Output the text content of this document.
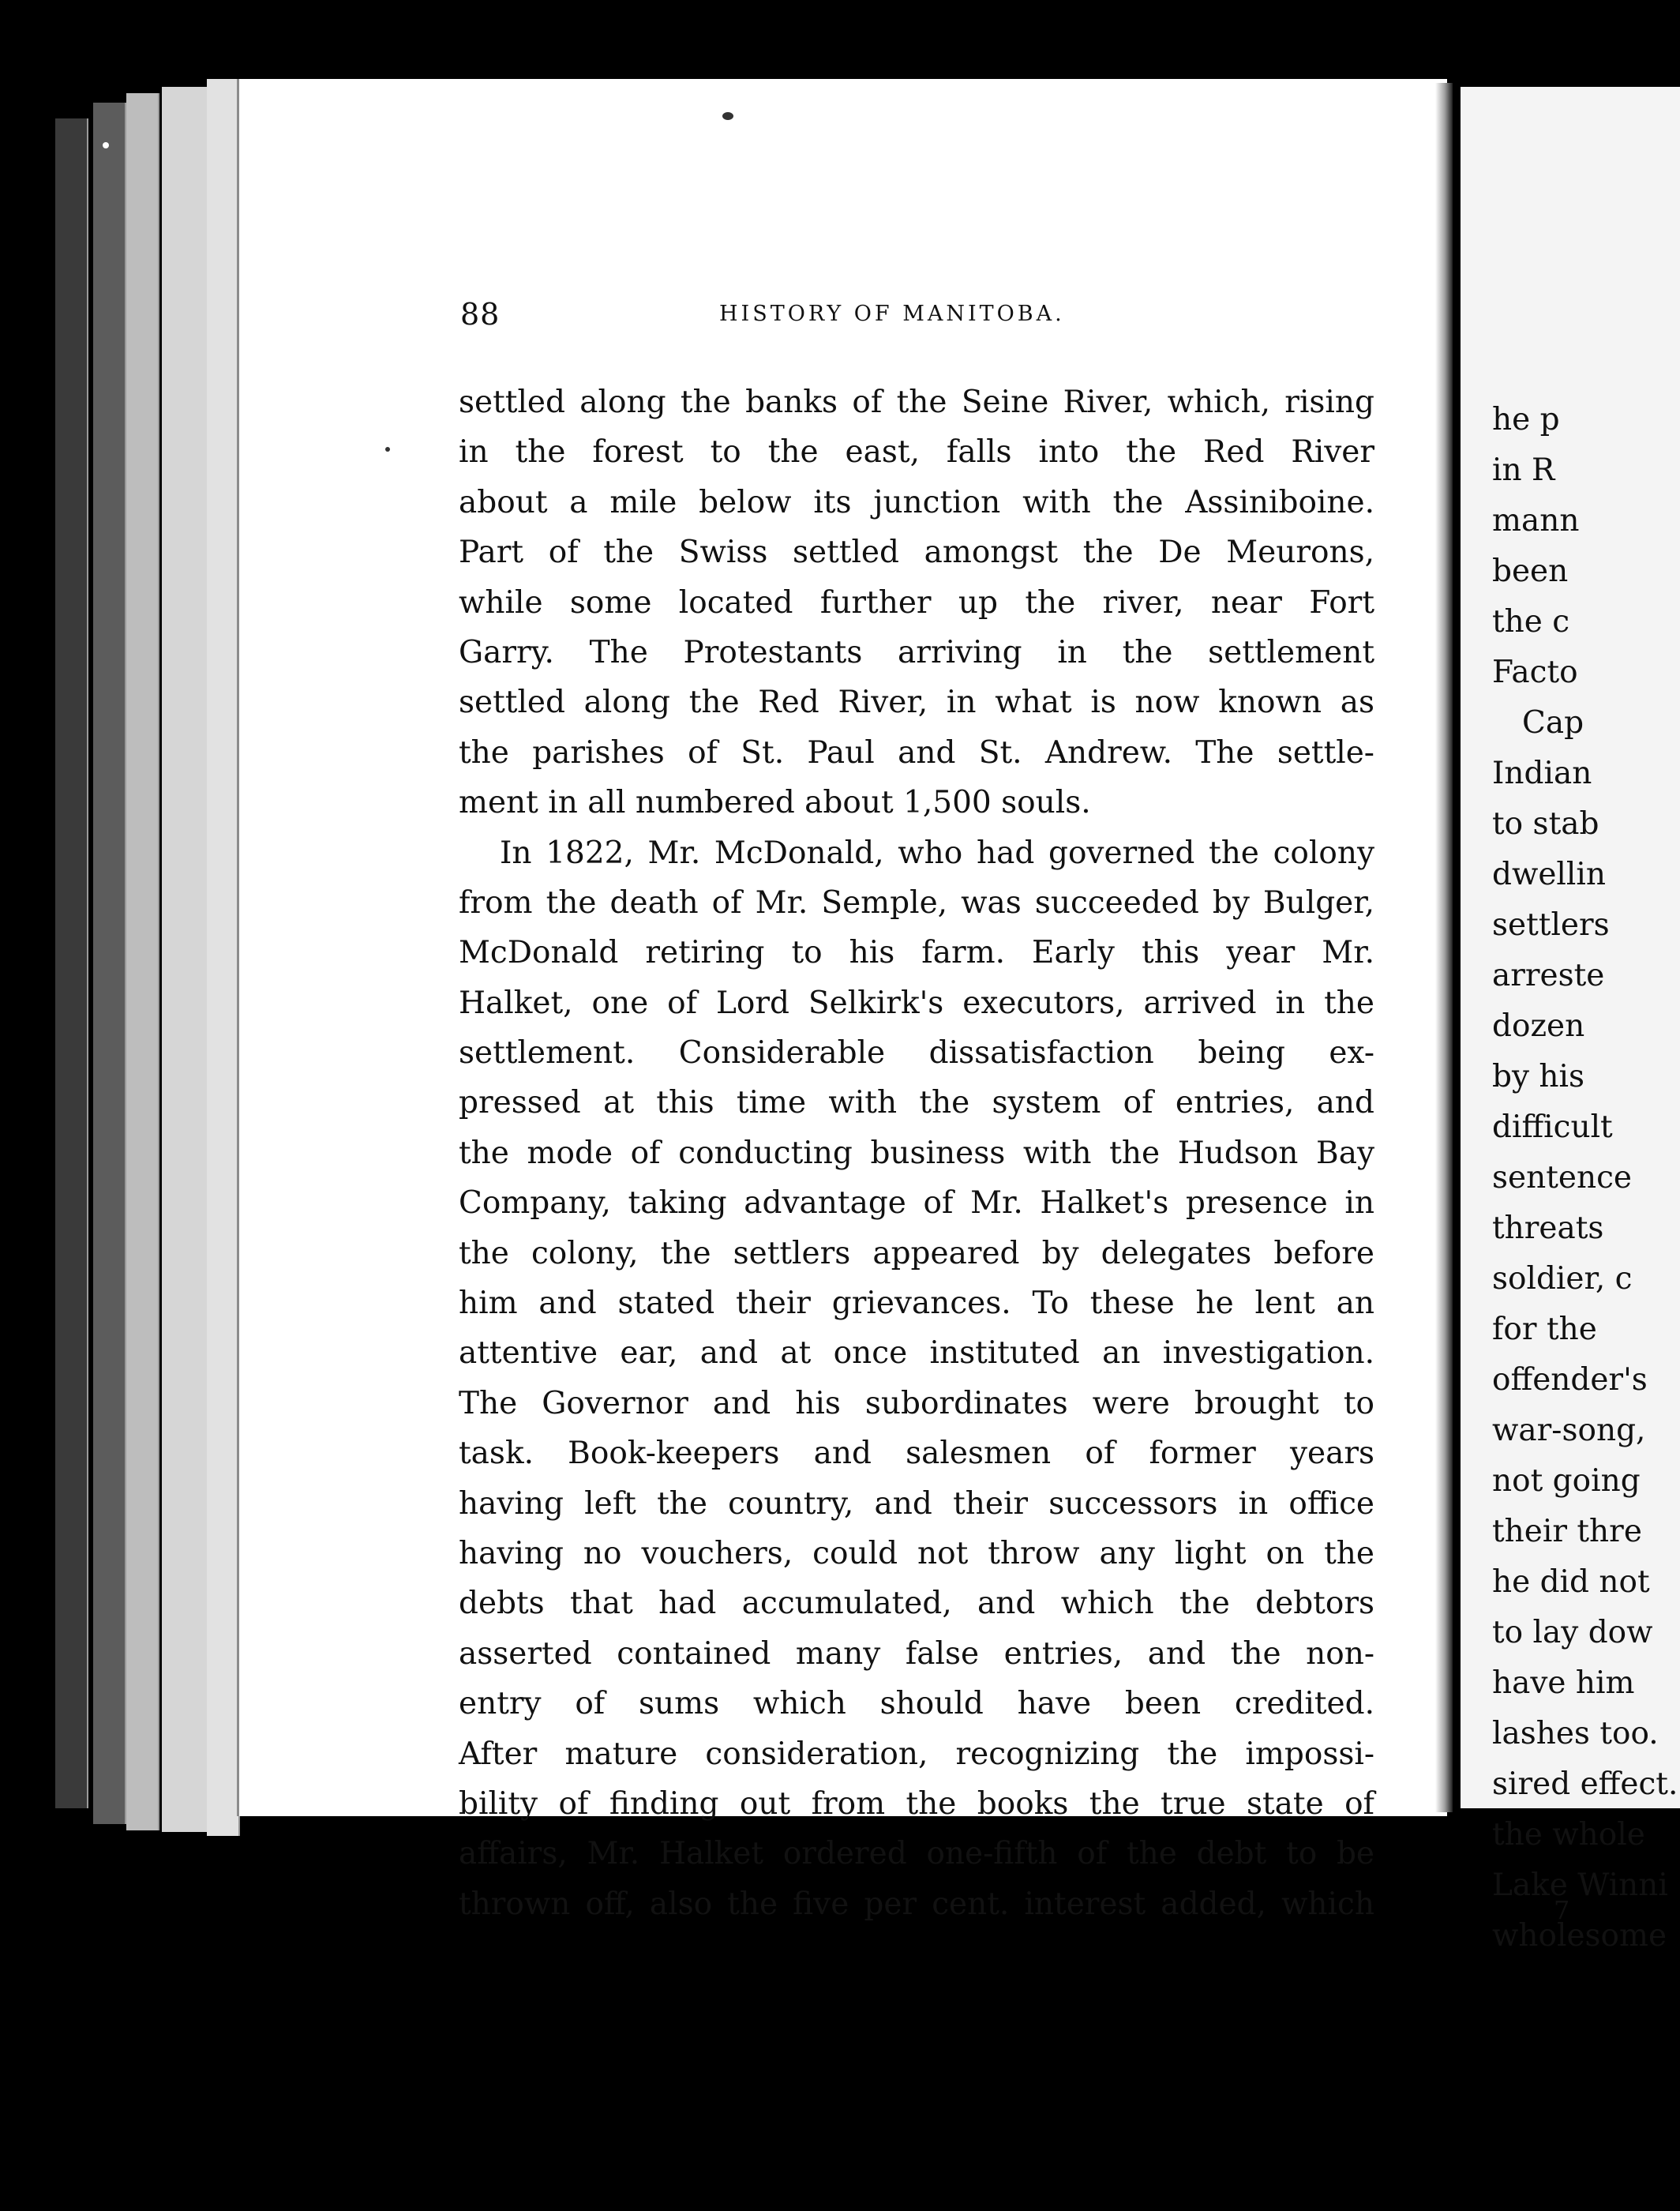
88	HISTORY OF MANITOBA.
settled along the banks of the Seine River, which, rising
in the forest to the east, falls into the Red River
about a mile below its junction with the Assiniboine.
Part of the Swiss settled amongst the De Meurons,
while some located further up the river, near Fort
Garry. The Protestants arriving in the settlement
settled along the Red River, in what is now known as
the parishes of St. Paul and St. Andrew. The settle-
ment in all numbered about 1,500 souls.
In 1822, Mr. McDonald, who had governed the colony
from the death of Mr. Semple, was succeeded by Bulger,
McDonald retiring to his farm. Early this year Mr.
Halket, one of Lord Selkirk's executors, arrived in the
settlement. Considerable dissatisfaction being ex-
pressed at this time with the system of entries, and
the mode of conducting business with the Hudson Bay
Company, taking advantage of Mr. Halket's presence in
the colony, the settlers appeared by delegates before
him and stated their grievances. To these he lent an
attentive ear, and at once instituted an investigation.
The Governor and his subordinates were brought to
task. Book-keepers and salesmen of former years
having left the country, and their successors in office
having no vouchers, could not throw any light on the
debts that had accumulated, and which the debtors
asserted contained many false entries, and the non-
entry of sums which should have been credited.
After mature consideration, recognizing the impossi-
bility of finding out from the books the true state of
affairs, Mr. Halket ordered one-fifth of the debt to be
thrown off, also the five per cent. interest added, which
he p
in R
mann
been
the c
Facto
Cap
Indian
to stab
dwellin
settlers
arreste
dozen
by his
difficult
sentence
threats
soldier, c
for the
offender's
war-song,
not going
their thre
he did not
to lay dow
have him
lashes too.
sired effect.
the whole
Lake Winni
wholesome
7
